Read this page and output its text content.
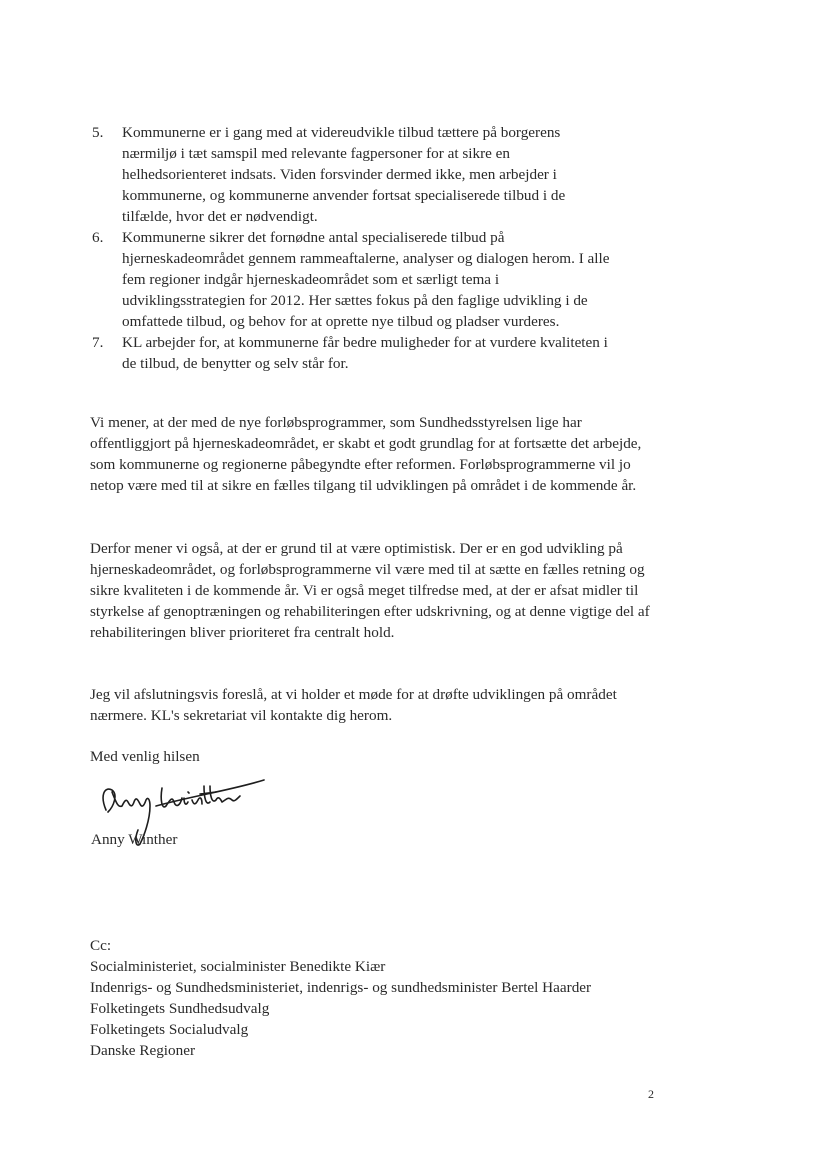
5.	Kommunerne er i gang med at videreudvikle tilbud tættere på borgerens nærmiljø i tæt samspil med relevante fagpersoner for at sikre en helhedsorienteret indsats. Viden forsvinder dermed ikke, men arbejder i kommunerne, og kommunerne anvender fortsat specialiserede tilbud i de tilfælde, hvor det er nødvendigt.
6.	Kommunerne sikrer det fornødne antal specialiserede tilbud på hjerneskadeområdet gennem rammeaftalerne, analyser og dialogen herom. I alle fem regioner indgår hjerneskadeområdet som et særligt tema i udviklingsstrategien for 2012. Her sættes fokus på den faglige udvikling i de omfattede tilbud, og behov for at oprette nye tilbud og pladser vurderes.
7.	KL arbejder for, at kommunerne får bedre muligheder for at vurdere kvaliteten i de tilbud, de benytter og selv står for.

Vi mener, at der med de nye forløbsprogrammer, som Sundhedsstyrelsen lige har offentliggjort på hjerneskadeområdet, er skabt et godt grundlag for at fortsætte det arbejde, som kommunerne og regionerne påbegyndte efter reformen. Forløbsprogrammerne vil jo netop være med til at sikre en fælles tilgang til udviklingen på området i de kommende år.

Derfor mener vi også, at der er grund til at være optimistisk. Der er en god udvikling på hjerneskadeområdet, og forløbsprogrammerne vil være med til at sætte en fælles retning og sikre kvaliteten i de kommende år. Vi er også meget tilfredse med, at der er afsat midler til styrkelse af genoptræningen og rehabiliteringen efter udskrivning, og at denne vigtige del af rehabiliteringen bliver prioriteret fra centralt hold.

Jeg vil afslutningsvis foreslå, at vi holder et møde for at drøfte udviklingen på området nærmere. KL's sekretariat vil kontakte dig herom.

Med venlig hilsen
Anny Winther
Cc:
Socialministeriet, socialminister Benedikte Kiær
Indenrigs- og Sundhedsministeriet, indenrigs- og sundhedsminister Bertel Haarder
Folketingets Sundhedsudvalg
Folketingets Socialudvalg
Danske Regioner
2
